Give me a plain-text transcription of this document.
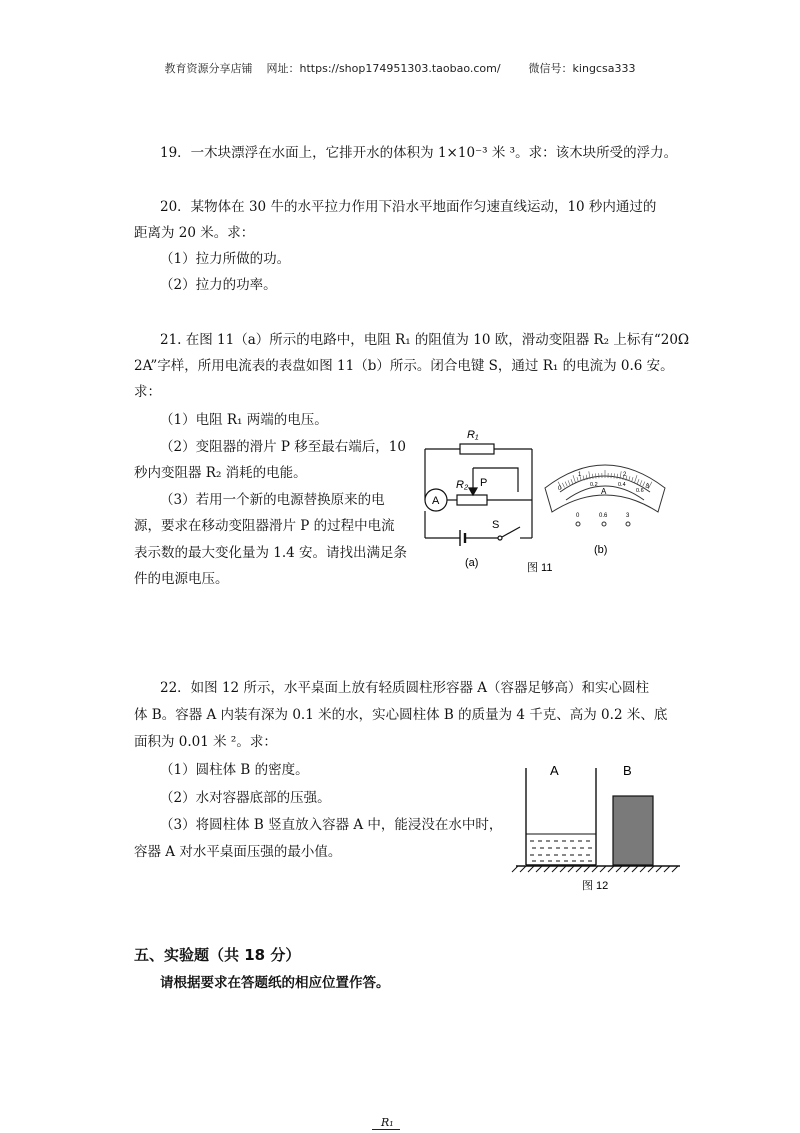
教育资源分享店铺    网址：https://shop174951303.taobao.com/        微信号：kingcsa333
19．一木块漂浮在水面上，它排开水的体积为 1×10⁻³ 米 ³。求：该木块所受的浮力。
20．某物体在 30 牛的水平拉力作用下沿水平地面作匀速直线运动，10 秒内通过的
距离为 20 米。求：
（1）拉力所做的功。
（2）拉力的功率。
21. 在图 11（a）所示的电路中，电阻 R₁ 的阻值为 10 欧，滑动变阻器 R₂ 上标有“20Ω
2A”字样，所用电流表的表盘如图 11（b）所示。闭合电键 S，通过 R₁ 的电流为 0.6 安。
求：
（1）电阻 R₁ 两端的电压。
（2）变阻器的滑片 P 移至最右端后，10
秒内变阻器 R₂ 消耗的电能。
（3）若用一个新的电源替换原来的电
源，要求在移动变阻器滑片 P 的过程中电流
表示数的最大变化量为 1.4 安。请找出满足条
件的电源电压。
R₁
R₂ P
A
S
(a)
0
1	2
3
0.2	0.4
0.6
A
0	0.6	3
(b)
图 11
22．如图 12 所示，水平桌面上放有轻质圆柱形容器 A（容器足够高）和实心圆柱
体 B。容器 A 内装有深为 0.1 米的水，实心圆柱体 B 的质量为 4 千克、高为 0.2 米、底
面积为 0.01 米 ²。求：
（1）圆柱体 B 的密度。
（2）水对容器底部的压强。
（3）将圆柱体 B 竖直放入容器 A 中，能浸没在水中时，
容器 A 对水平桌面压强的最小值。
A	B
图 12
五、实验题（共 18 分）
请根据要求在答题纸的相应位置作答。
R₁
